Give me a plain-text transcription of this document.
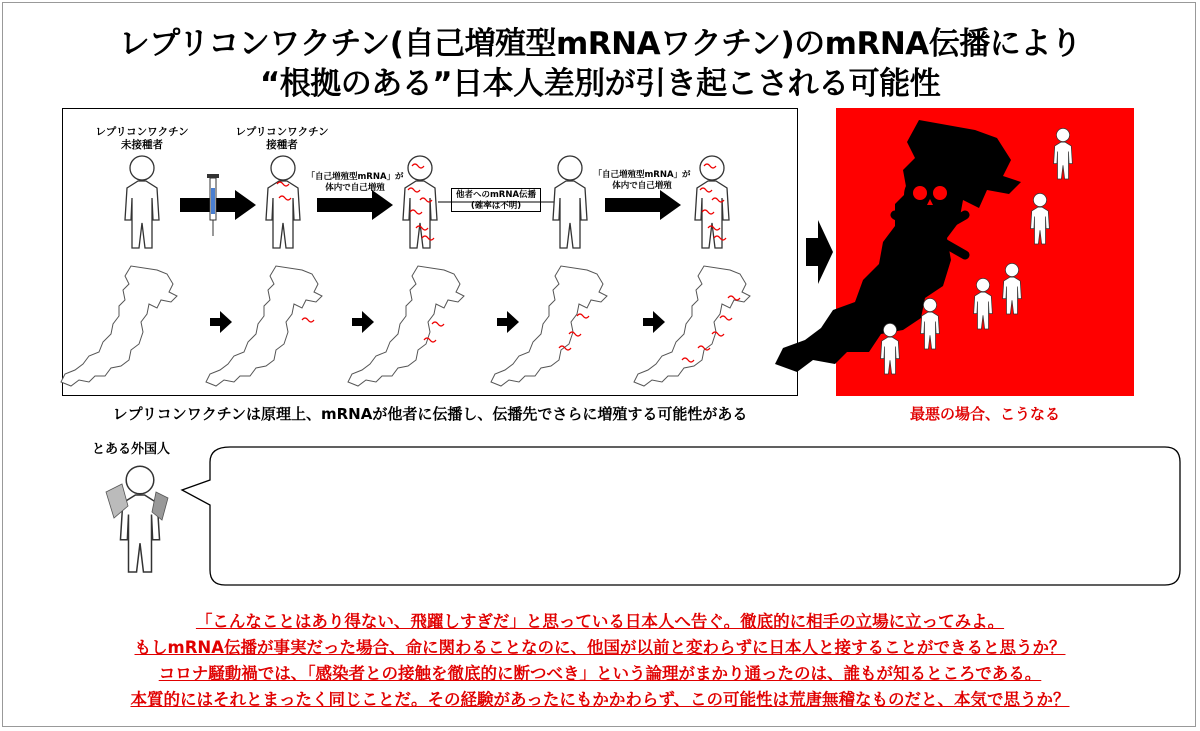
レプリコンワクチン(自己増殖型mRNAワクチン)のmRNA伝播により
“根拠のある”日本人差別が引き起こされる可能性
レプリコンワクチン
未接種者
レプリコンワクチン
接種者
「自己増殖型mRNA」が
体内で自己増殖
他者へのmRNA伝播
(確率は不明)
「自己増殖型mRNA」が
体内で自己増殖
レプリコンワクチンは原理上、mRNAが他者に伝播し、伝播先でさらに増殖する可能性がある	最悪の場合、こうなる
とある外国人
「こんなことはあり得ない、飛躍しすぎだ」と思っている日本人へ告ぐ。徹底的に相手の立場に立ってみよ。
もしmRNA伝播が事実だった場合、命に関わることなのに、他国が以前と変わらずに日本人と接することができると思うか？
コロナ騒動禍では、「感染者との接触を徹底的に断つべき」という論理がまかり通ったのは、誰もが知るところである。
本質的にはそれとまったく同じことだ。その経験があったにもかかわらず、この可能性は荒唐無稽なものだと、本気で思うか？
